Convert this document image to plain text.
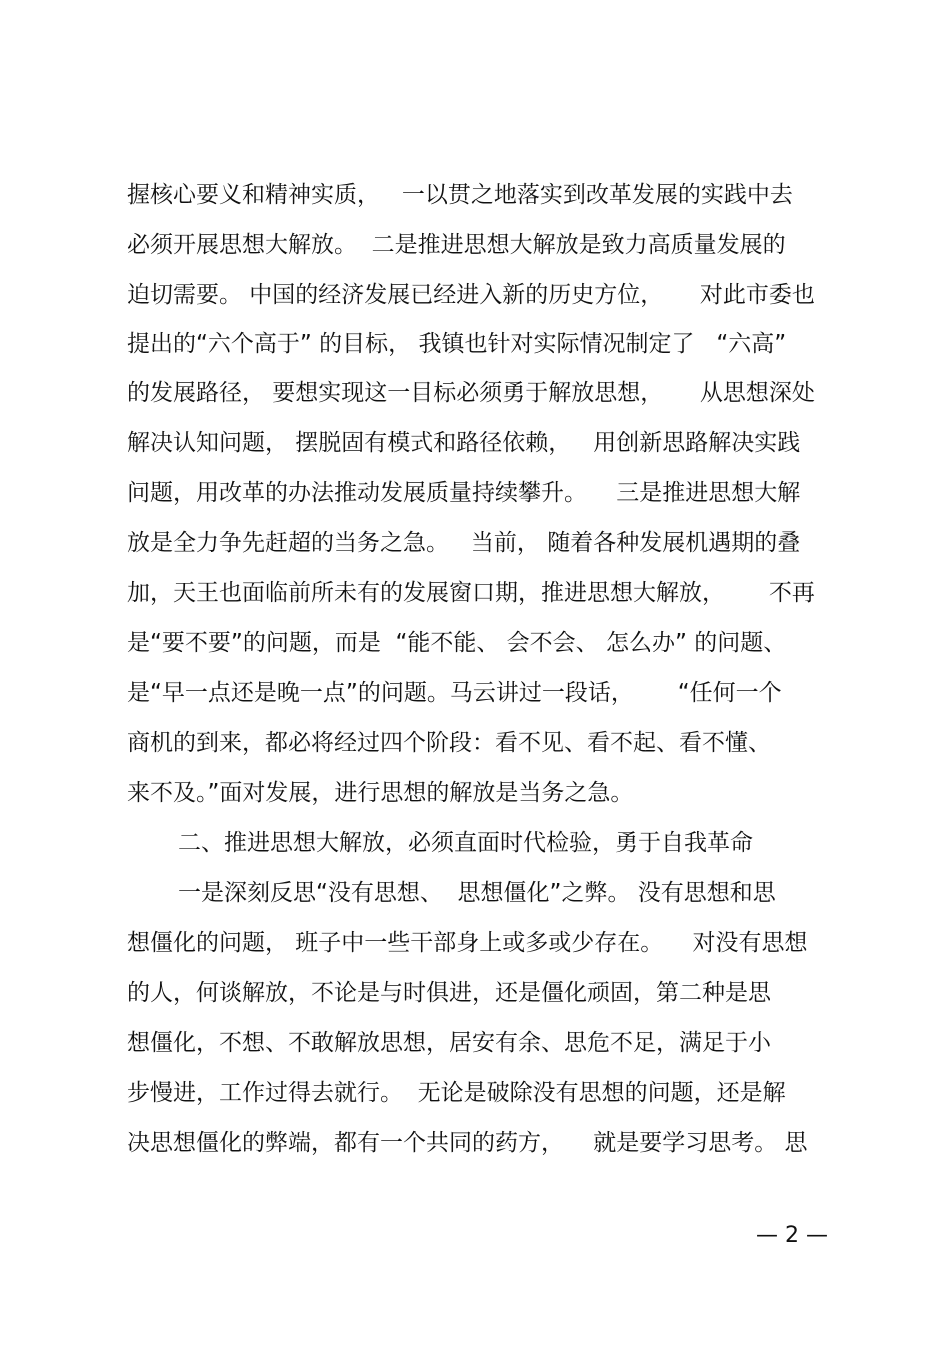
握核心要义和精神实质，   一以贯之地落实到改革发展的实践中去
必须开展思想大解放。  二是推进思想大解放是致力高质量发展的
迫切需要。 中国的经济发展已经进入新的历史方位，     对此市委也
提出的“六个高于” 的目标， 我镇也针对实际情况制定了   “六高”
的发展路径， 要想实现这一目标必须勇于解放思想，     从思想深处
解决认知问题， 摆脱固有模式和路径依赖，   用创新思路解决实践
问题，用改革的办法推动发展质量持续攀升。    三是推进思想大解
放是全力争先赶超的当务之急。   当前， 随着各种发展机遇期的叠
加，天王也面临前所未有的发展窗口期，推进思想大解放，      不再
是“要不要”的问题，而是  “能不能、 会不会、 怎么办” 的问题、
是“早一点还是晚一点”的问题。马云讲过一段话，      “任何一个
商机的到来，都必将经过四个阶段：看不见、看不起、看不懂、
来不及。”面对发展，进行思想的解放是当务之急。
二、推进思想大解放，必须直面时代检验，勇于自我革命
一是深刻反思“没有思想、  思想僵化”之弊。 没有思想和思
想僵化的问题， 班子中一些干部身上或多或少存在。    对没有思想
的人，何谈解放，不论是与时俱进，还是僵化顽固，第二种是思
想僵化，不想、不敢解放思想，居安有余、思危不足，满足于小
步慢进，工作过得去就行。  无论是破除没有思想的问题，还是解
决思想僵化的弊端，都有一个共同的药方，    就是要学习思考。 思
— 2 —
